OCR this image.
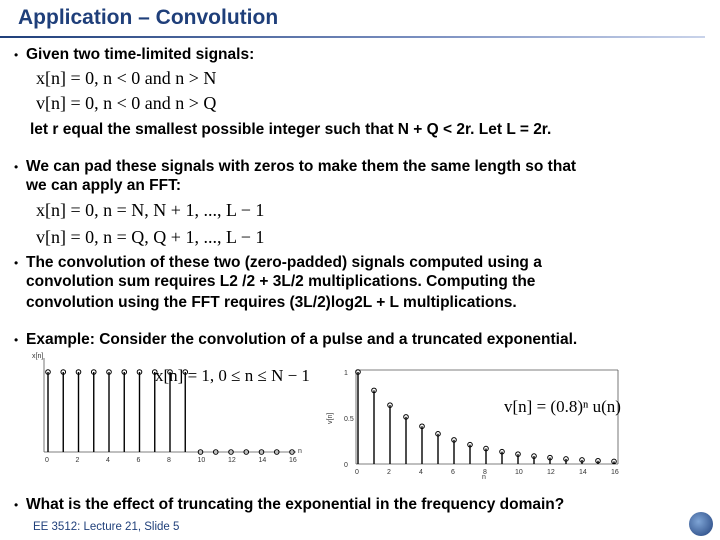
Application – Convolution
• Given two time-limited signals:
x[n] = 0, n < 0 and n > N
v[n] = 0, n < 0 and n > Q
let r equal the smallest possible integer such that N + Q < 2r. Let L = 2r.
• We can pad these signals with zeros to make them the same length so that
we can apply an FFT:
x[n] = 0, n = N, N + 1, ..., L − 1
v[n] = 0, n = Q, Q + 1, ..., L − 1
• The convolution of these two (zero-padded) signals computed using a
convolution sum requires L2 /2 + 3L/2 multiplications. Computing the
convolution using the FFT requires (3L/2)log2L + L multiplications.
• Example: Consider the convolution of a pulse and a truncated exponential.
x[n]
n
0	2	4	6	8	10	12	14	16
x[n] = 1, 0 ≤ n ≤ N − 1
v[n]
n
0	2	4	6	8	10	12	14	16
0
0.5
1
v[n] = (0.8)ⁿ u(n)
• What is the effect of truncating the exponential in the frequency domain?
EE 3512: Lecture 21, Slide 5
